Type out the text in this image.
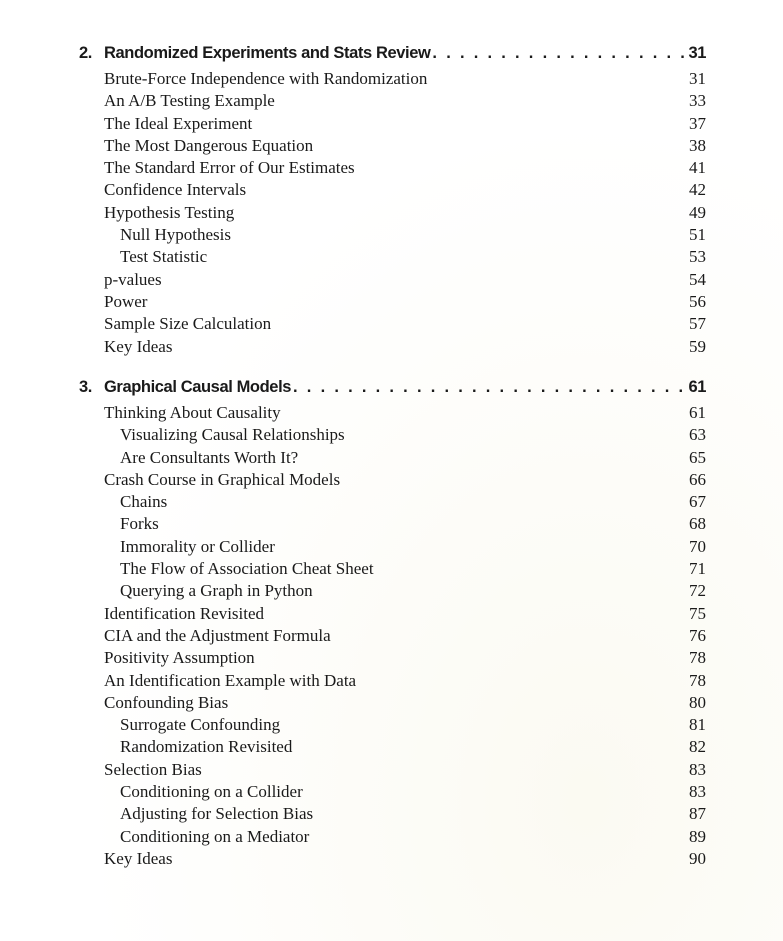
2. Randomized Experiments and Stats Review . . .	31
Brute-Force Independence with Randomization	31
An A/B Testing Example	33
The Ideal Experiment	37
The Most Dangerous Equation	38
The Standard Error of Our Estimates	41
Confidence Intervals	42
Hypothesis Testing	49
Null Hypothesis	51
Test Statistic	53
p-values	54
Power	56
Sample Size Calculation	57
Key Ideas	59
3. Graphical Causal Models . . .	61
Thinking About Causality	61
Visualizing Causal Relationships	63
Are Consultants Worth It?	65
Crash Course in Graphical Models	66
Chains	67
Forks	68
Immorality or Collider	70
The Flow of Association Cheat Sheet	71
Querying a Graph in Python	72
Identification Revisited	75
CIA and the Adjustment Formula	76
Positivity Assumption	78
An Identification Example with Data	78
Confounding Bias	80
Surrogate Confounding	81
Randomization Revisited	82
Selection Bias	83
Conditioning on a Collider	83
Adjusting for Selection Bias	87
Conditioning on a Mediator	89
Key Ideas	90
